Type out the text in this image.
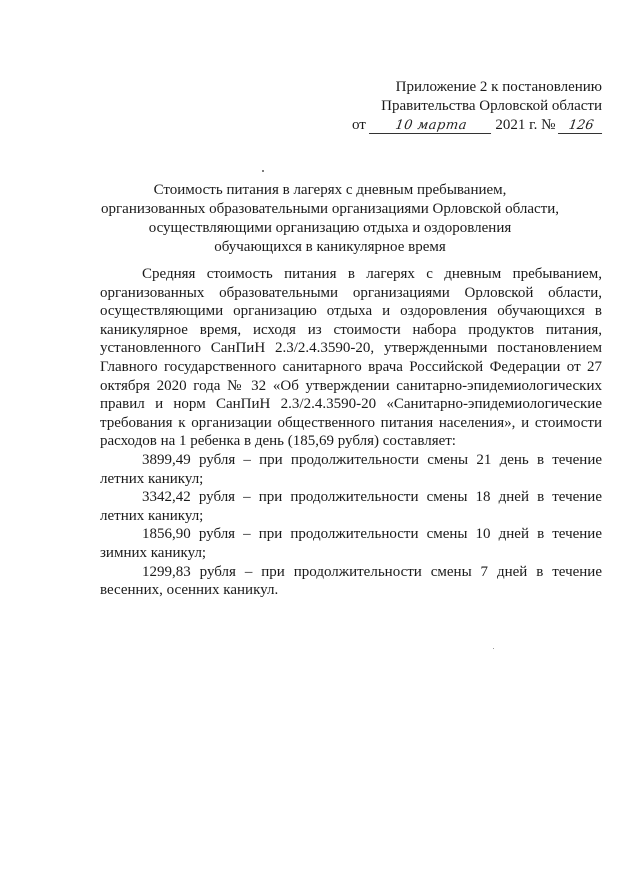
Приложение 2 к постановлению
Правительства Орловской области
от 10 марта 2021 г. № 126
Стоимость питания в лагерях с дневным пребыванием,
организованных образовательными организациями Орловской области,
осуществляющими организацию отдыха и оздоровления
обучающихся в каникулярное время

Средняя стоимость питания в лагерях с дневным пребыванием, организованных образовательными организациями Орловской области, осуществляющими организацию отдыха и оздоровления обучающихся в каникулярное время, исходя из стоимости набора продуктов питания, установленного СанПиН 2.3/2.4.3590-20, утвержденными постановлением Главного государственного санитарного врача Российской Федерации от 27 октября 2020 года № 32 «Об утверждении санитарно-эпидемиологических правил и норм СанПиН 2.3/2.4.3590-20 «Санитарно-эпидемиологические требования к организации общественного питания населения», и стоимости расходов на 1 ребенка в день (185,69 рубля) составляет:

3899,49 рубля – при продолжительности смены 21 день в течение летних каникул;

3342,42 рубля – при продолжительности смены 18 дней в течение летних каникул;

1856,90 рубля – при продолжительности смены 10 дней в течение зимних каникул;

1299,83 рубля – при продолжительности смены 7 дней в течение весенних, осенних каникул.
